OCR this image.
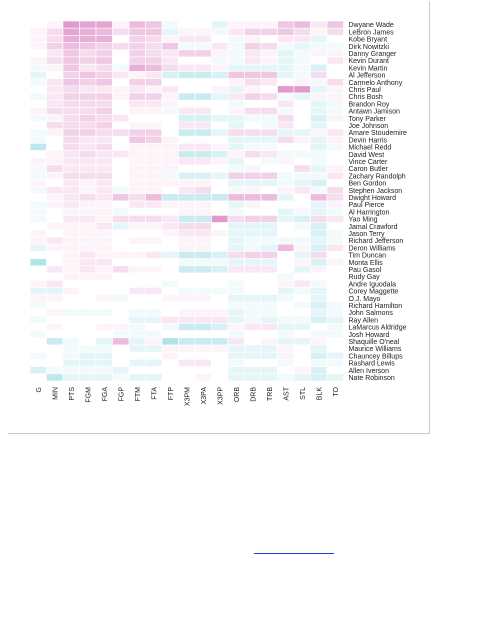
Dwyane Wade
LeBron James
Kobe Bryant
Dirk Nowitzki
Danny Granger
Kevin Durant
Kevin Martin
Al Jefferson
Carmelo Anthony
Chris Paul
Chris Bosh
Brandon Roy
Antawn Jamison
Tony Parker
Joe Johnson
Amare Stoudemire
Devin Harris
Michael Redd
David West
Vince Carter
Caron Butler
Zachary Randolph
Ben Gordon
Stephen Jackson
Dwight Howard
Paul Pierce
Al Harrington
Yao Ming
Jamal Crawford
Jason Terry
Richard Jefferson
Deron Williams
Tim Duncan
Monta Ellis
Pau Gasol
Rudy Gay
Andre Iguodala
Corey Maggette
O.J. Mayo
Richard Hamilton
John Salmons
Ray Allen
LaMarcus Aldridge
Josh Howard
Shaquille O'neal
Maurice Williams
Chauncey Billups
Rashard Lewis
Allen Iverson
Nate Robinson
G MIN PTS FGM FGA FGP FTM FTA FTP X3PM X3PA X3PP ORB DRB TRB AST STL BLK TO
